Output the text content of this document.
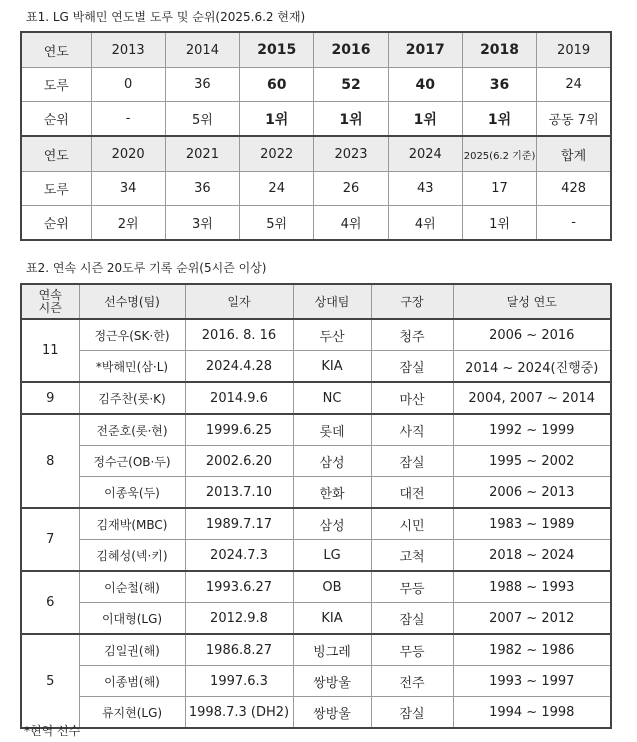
표1. LG 박해민 연도별 도루 및 순위(2025.6.2 현재)
연도	2013	2014	2015	2016	2017	2018	2019
도루	0	36	60	52	40	36	24
순위	-	5위	1위	1위	1위	1위	공동 7위
연도	2020	2021	2022	2023	2024	2025(6.2 기준)	합계
도루	34	36	24	26	43	17	428
순위	2위	3위	5위	4위	4위	1위	-
표2. 연속 시즌 20도루 기록 순위(5시즌 이상)
연속
시즌	선수명(팀)	일자	상대팀	구장	달성 연도
11	정근우(SK·한)	2016. 8. 16	두산	청주	2006 ~ 2016
	*박해민(삼·L)	2024.4.28	KIA	잠실	2014 ~ 2024(진행중)
9	김주찬(롯·K)	2014.9.6	NC	마산	2004, 2007 ~ 2014
8	전준호(롯·현)	1999.6.25	롯데	사직	1992 ~ 1999
	정수근(OB·두)	2002.6.20	삼성	잠실	1995 ~ 2002
	이종욱(두)	2013.7.10	한화	대전	2006 ~ 2013
7	김재박(MBC)	1989.7.17	삼성	시민	1983 ~ 1989
	김혜성(넥·키)	2024.7.3	LG	고척	2018 ~ 2024
6	이순철(해)	1993.6.27	OB	무등	1988 ~ 1993
	이대형(LG)	2012.9.8	KIA	잠실	2007 ~ 2012
5	김일권(해)	1986.8.27	빙그레	무등	1982 ~ 1986
	이종범(해)	1997.6.3	쌍방울	전주	1993 ~ 1997
	류지현(LG)	1998.7.3 (DH2)	쌍방울	잠실	1994 ~ 1998
*현역 선수
